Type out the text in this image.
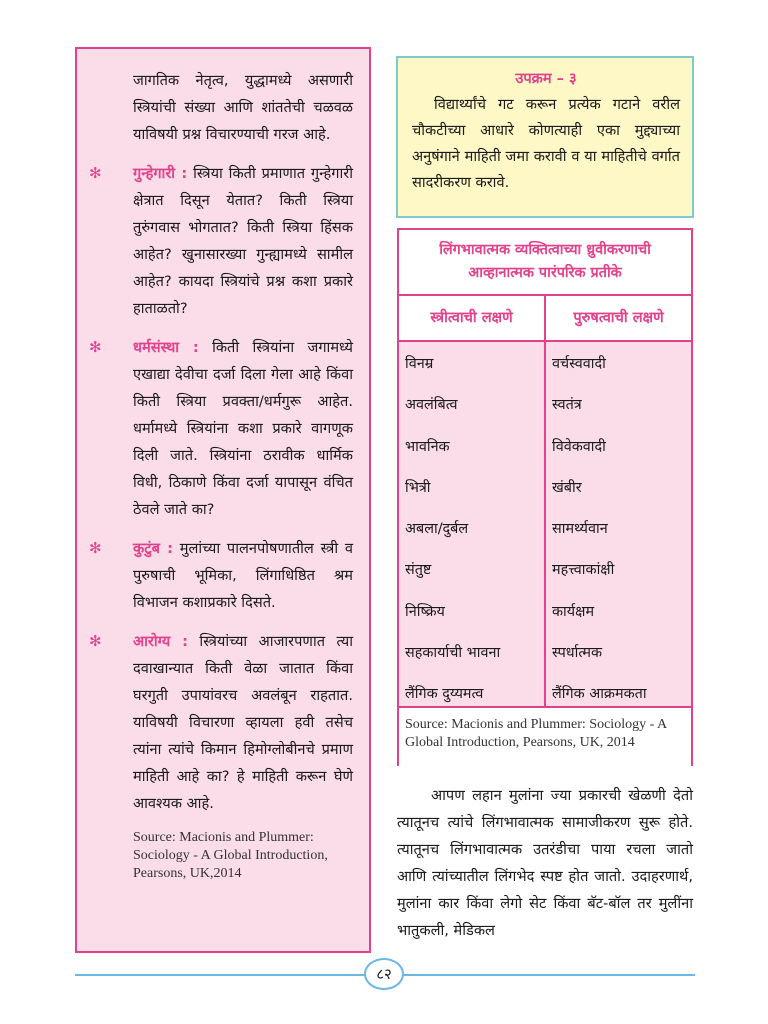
जागतिक नेतृत्व, युद्धामध्ये असणारी स्त्रियांची संख्या आणि शांततेची चळवळ याविषयी प्रश्न विचारण्याची गरज आहे.
✻ गुन्हेगारी : स्त्रिया किती प्रमाणात गुन्हेगारी क्षेत्रात दिसून येतात? किती स्त्रिया तुरुंगवास भोगतात? किती स्त्रिया हिंसक आहेत? खुनासारख्या गुन्ह्यामध्ये सामील आहेत? कायदा स्त्रियांचे प्रश्न कशा प्रकारे हाताळतो?
✻ धर्मसंस्था : किती स्त्रियांना जगामध्ये एखाद्या देवीचा दर्जा दिला गेला आहे किंवा किती स्त्रिया प्रवक्ता/धर्मगुरू आहेत. धर्मामध्ये स्त्रियांना कशा प्रकारे वागणूक दिली जाते. स्त्रियांना ठरावीक धार्मिक विधी, ठिकाणे किंवा दर्जा यापासून वंचित ठेवले जाते का?
✻ कुटुंब : मुलांच्या पालनपोषणातील स्त्री व पुरुषाची भूमिका, लिंगाधिष्ठित श्रम विभाजन कशाप्रकारे दिसते.
✻ आरोग्य : स्त्रियांच्या आजारपणात त्या दवाखान्यात किती वेळा जातात किंवा घरगुती उपायांवरच अवलंबून राहतात. याविषयी विचारणा व्हायला हवी तसेच त्यांना त्यांचे किमान हिमोग्लोबीनचे प्रमाण माहिती आहे का? हे माहिती करून घेणे आवश्यक आहे.
Source: Macionis and Plummer: Sociology - A Global Introduction, Pearsons, UK,2014
उपक्रम – ३
विद्यार्थ्यांचे गट करून प्रत्येक गटाने वरील चौकटीच्या आधारे कोणत्याही एका मुद्द्याच्या अनुषंगाने माहिती जमा करावी व या माहितीचे वर्गात सादरीकरण करावे.
लिंगभावात्मक व्यक्तित्वाच्या ध्रुवीकरणाची
आव्हानात्मक पारंपरिक प्रतीके
स्त्रीत्वाची लक्षणे	पुरुषत्वाची लक्षणे
विनम्र
अवलंबित्व
भावनिक
भित्री
अबला/दुर्बल
संतुष्ट
निष्क्रिय
सहकार्याची भावना
लैंगिक दुय्यमत्व
वर्चस्ववादी
स्वतंत्र
विवेकवादी
खंबीर
सामर्थ्यवान
महत्त्वाकांक्षी
कार्यक्षम
स्पर्धात्मक
लैंगिक आक्रमकता
Source: Macionis and Plummer: Sociology - A Global Introduction, Pearsons, UK, 2014
आपण लहान मुलांना ज्या प्रकारची खेळणी देतो त्यातूनच त्यांचे लिंगभावात्मक सामाजीकरण सुरू होते. त्यातूनच लिंगभावात्मक उतरंडीचा पाया रचला जातो आणि त्यांच्यातील लिंगभेद स्पष्ट होत जातो. उदाहरणार्थ, मुलांना कार किंवा लेगो सेट किंवा बॅट-बॉल तर मुलींना भातुकली, मेडिकल
८२
